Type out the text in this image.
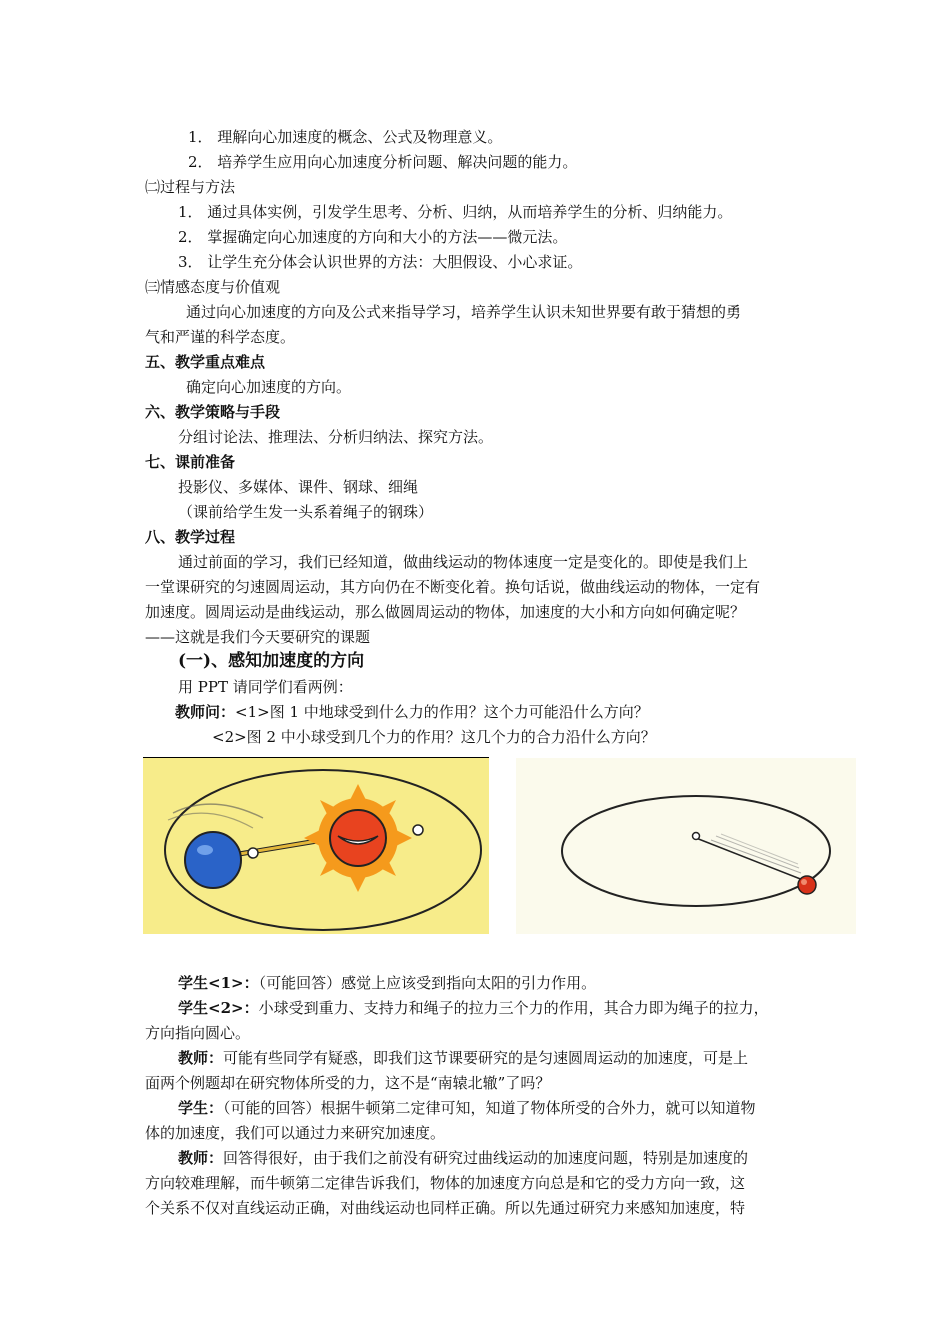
1． 理解向心加速度的概念、公式及物理意义。
2． 培养学生应用向心加速度分析问题、解决问题的能力。
㈡过程与方法
1． 通过具体实例，引发学生思考、分析、归纳，从而培养学生的分析、归纳能力。
2． 掌握确定向心加速度的方向和大小的方法——微元法。
3． 让学生充分体会认识世界的方法：大胆假设、小心求证。
㈢情感态度与价值观
通过向心加速度的方向及公式来指导学习，培养学生认识未知世界要有敢于猜想的勇
气和严谨的科学态度。
五、教学重点难点
确定向心加速度的方向。
六、教学策略与手段
分组讨论法、推理法、分析归纳法、探究方法。
七、课前准备
投影仪、多媒体、课件、钢球、细绳
（课前给学生发一头系着绳子的钢珠）
八、教学过程
通过前面的学习，我们已经知道，做曲线运动的物体速度一定是变化的。即使是我们上
一堂课研究的匀速圆周运动，其方向仍在不断变化着。换句话说，做曲线运动的物体，一定有
加速度。圆周运动是曲线运动，那么做圆周运动的物体，加速度的大小和方向如何确定呢？
——这就是我们今天要研究的课题
(一)、感知加速度的方向
用 PPT 请同学们看两例：
教师问：<1>图 1 中地球受到什么力的作用？这个力可能沿什么方向？
<2>图 2 中小球受到几个力的作用？这几个力的合力沿什么方向？
学生<1>：（可能回答）感觉上应该受到指向太阳的引力作用。
学生<2>：小球受到重力、支持力和绳子的拉力三个力的作用，其合力即为绳子的拉力，
方向指向圆心。
教师：可能有些同学有疑惑，即我们这节课要研究的是匀速圆周运动的加速度，可是上
面两个例题却在研究物体所受的力，这不是“南辕北辙”了吗？
学生：（可能的回答）根据牛顿第二定律可知，知道了物体所受的合外力，就可以知道物
体的加速度，我们可以通过力来研究加速度。
教师：回答得很好，由于我们之前没有研究过曲线运动的加速度问题，特别是加速度的
方向较难理解，而牛顿第二定律告诉我们，物体的加速度方向总是和它的受力方向一致，这
个关系不仅对直线运动正确，对曲线运动也同样正确。所以先通过研究力来感知加速度，特
